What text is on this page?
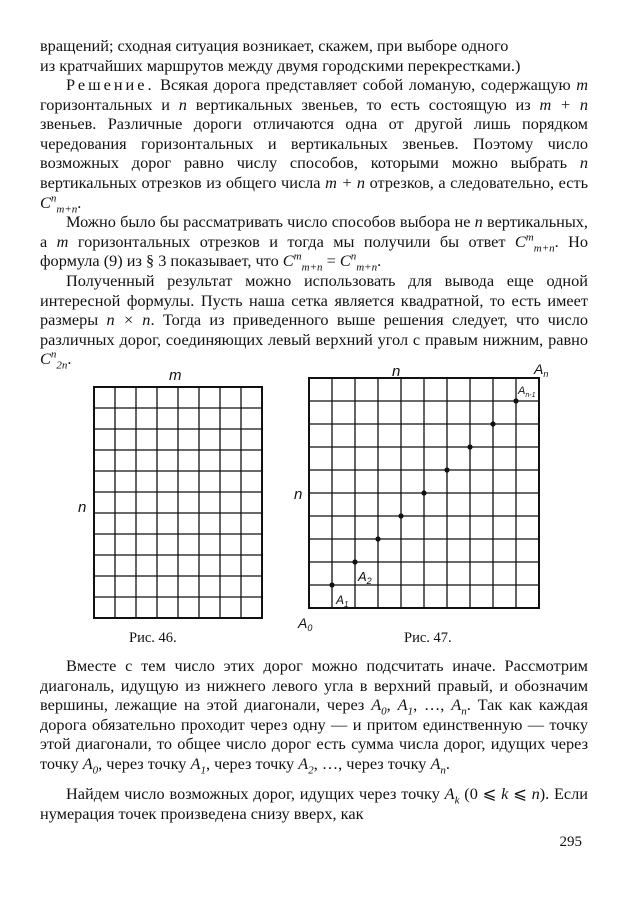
вращений; сходная ситуация возникает, скажем, при выборе одного

из кратчайших маршрутов между двумя городскими перекрестками.)

Решение. Всякая дорога представляет собой ломаную, содержащую m горизонтальных и n вертикальных звеньев, то есть состоящую из m + n звеньев. Различные дороги отличаются одна от другой лишь порядком чередования горизонтальных и вертикальных звеньев. Поэтому число возможных дорог равно числу способов, которыми можно выбрать n вертикальных отрезков из общего числа m + n отрезков, а следовательно, есть $C^n_{m+n}$.

Можно было бы рассматривать число способов выбора не n вертикальных, а m горизонтальных отрезков и тогда мы получили бы ответ $C^m_{m+n}$. Но формула (9) из § 3 показывает, что $C^m_{m+n} = C^n_{m+n}$.

Полученный результат можно использовать для вывода еще одной интересной формулы. Пусть наша сетка является квадратной, то есть имеет размеры n × n. Тогда из приведенного выше решения следует, что число различных дорог, соединяющих левый верхний угол с правым нижним, равно $C^n_{2n}$.

m
n
Рис. 46.
n
n
$A_1$
$A_2$
$A_{n-1}$
$A_n$
$A_0$
Рис. 47.

Вместе с тем число этих дорог можно подсчитать иначе. Рассмотрим диагональ, идущую из нижнего левого угла в верхний правый, и обозначим вершины, лежащие на этой диагонали, через $A_0$, $A_1$, …, $A_n$. Так как каждая дорога обязательно проходит через одну — и притом единственную — точку этой диагонали, то общее число дорог есть сумма числа дорог, идущих через точку $A_0$, через точку $A_1$, через точку $A_2$, …, через точку $A_n$.

Найдем число возможных дорог, идущих через точку $A_k$ (0 ⩽ k ⩽ n). Если нумерация точек произведена снизу вверх, как

295
